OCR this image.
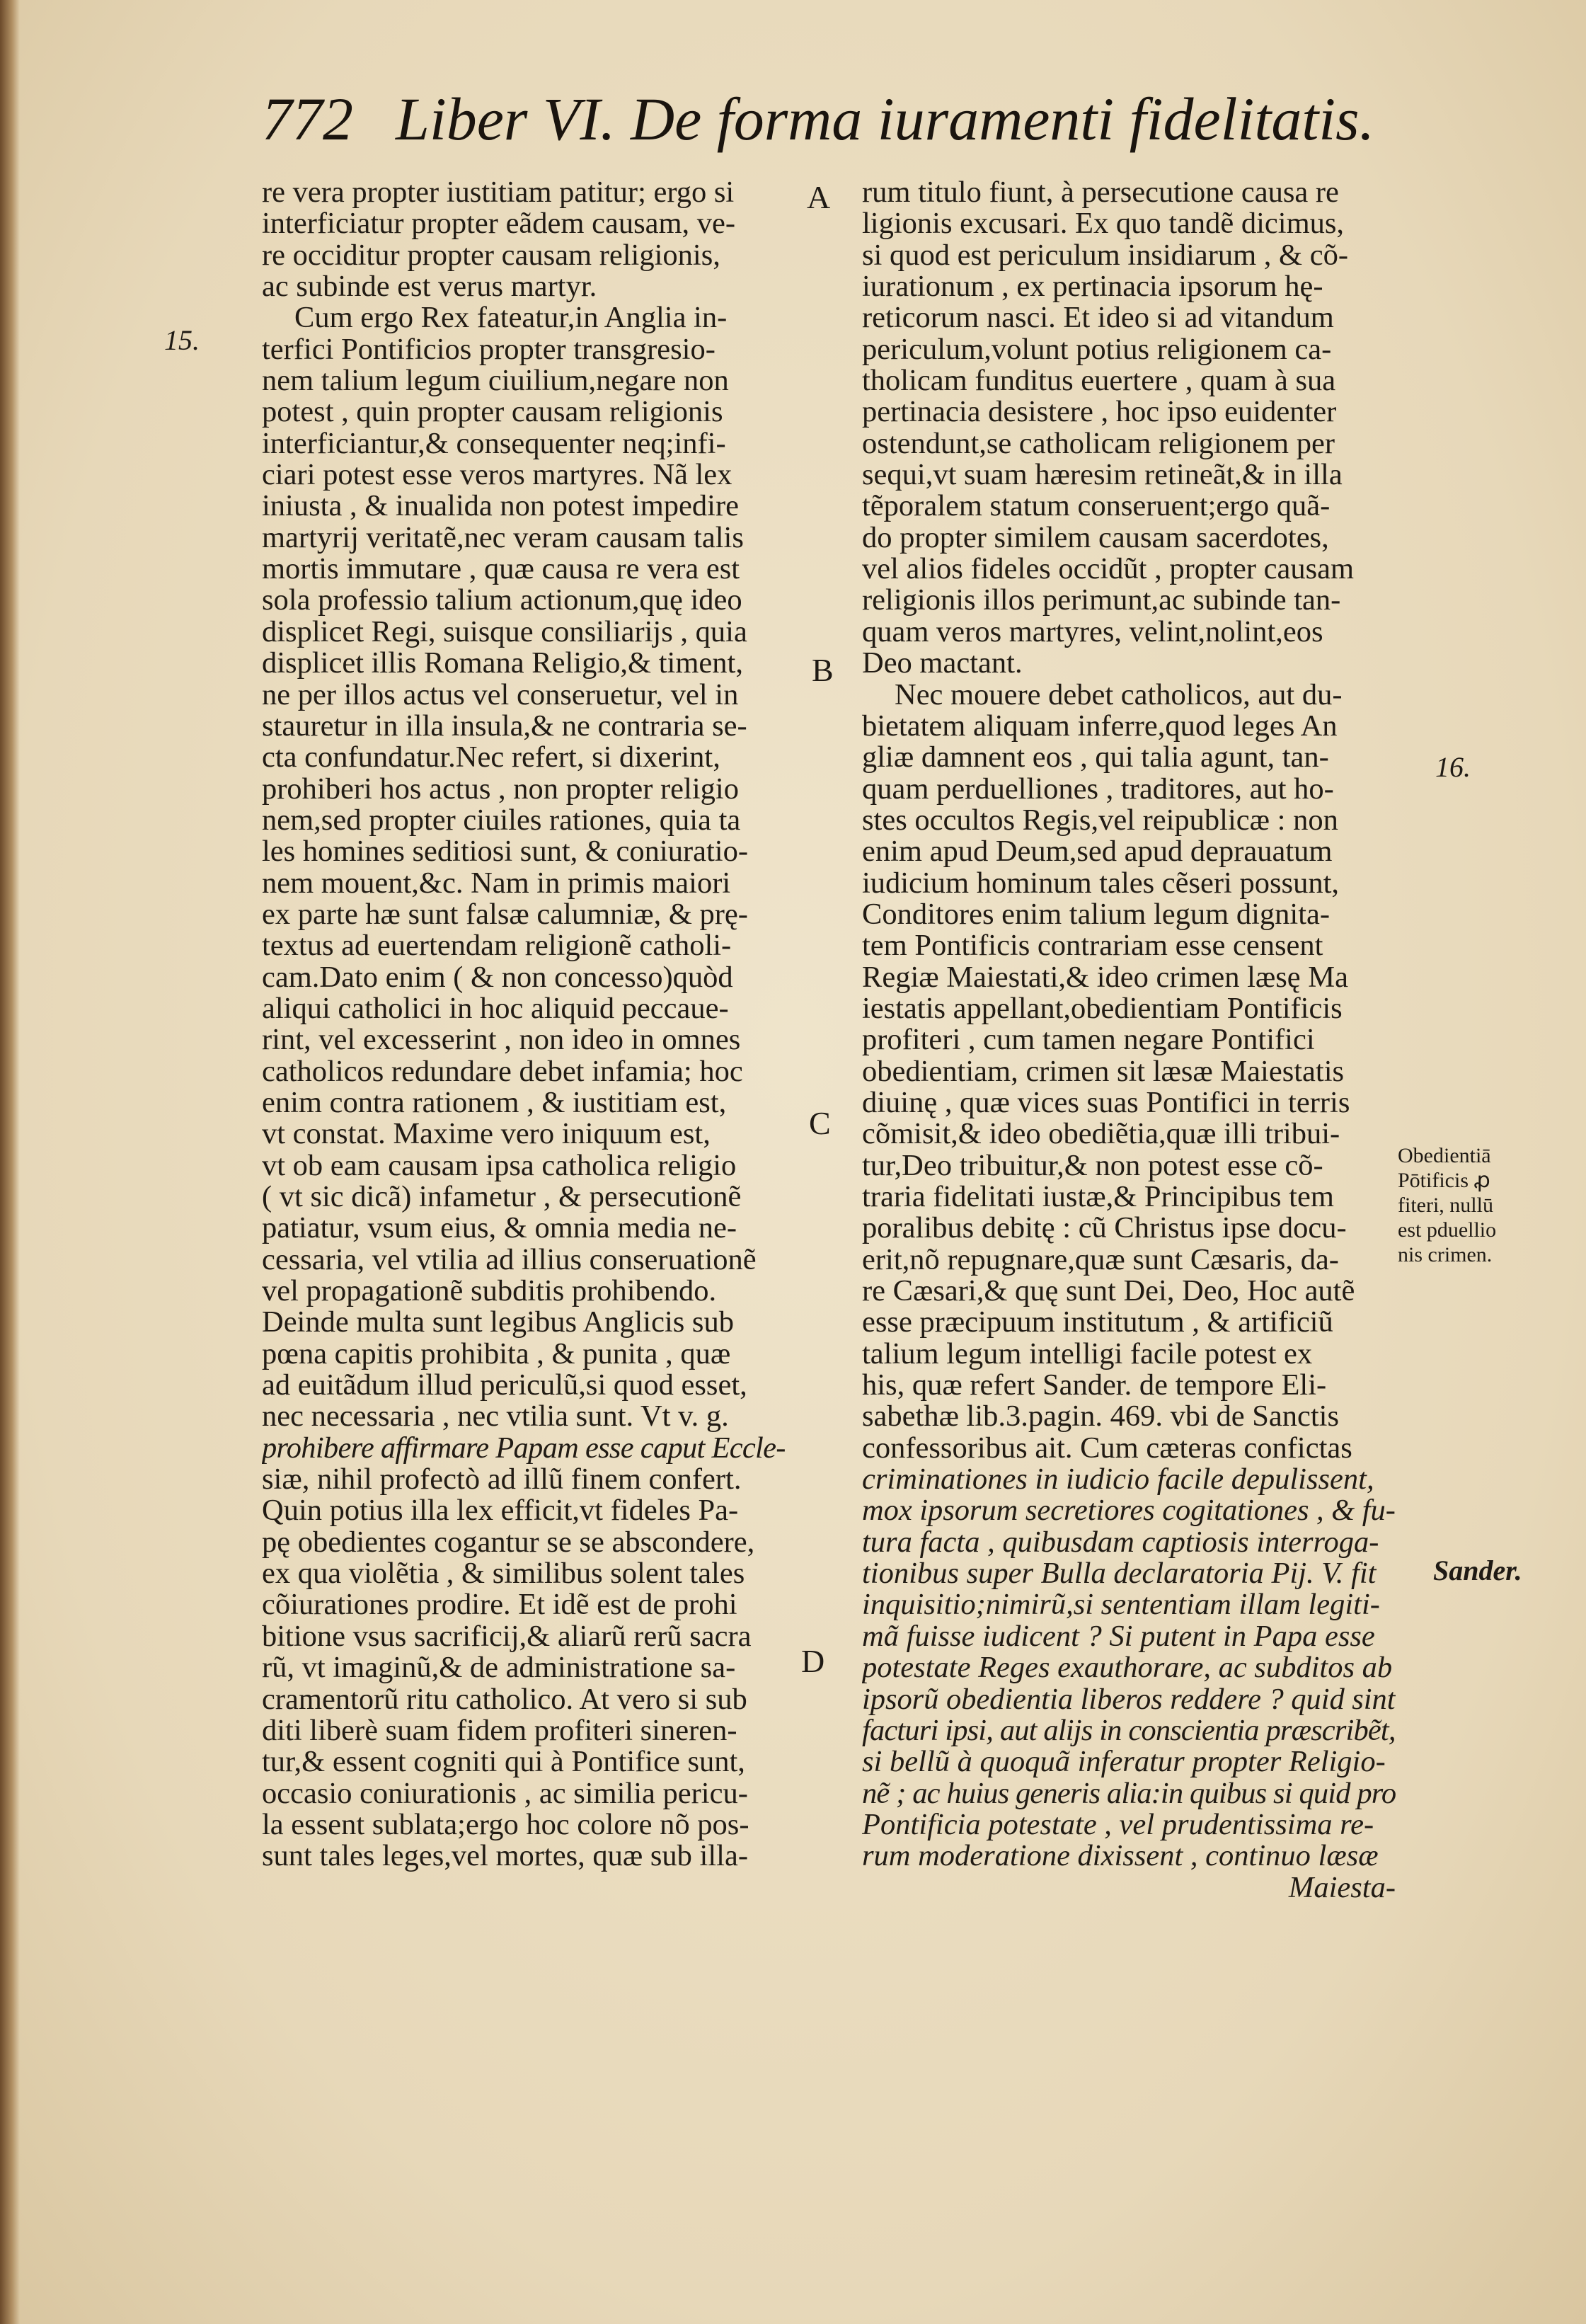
772 Liber VI. De forma iuramenti fidelitatis.
15.
16.
A
B
C
D
Obedientiā
Pōtificis ꝓ
fiteri, nullū
est pduellio
nis crimen.
Sander.
re vera propter iustitiam patitur; ergo si
interficiatur propter eãdem causam, ve-
re occiditur propter causam religionis,
ac subinde est verus martyr.
Cum ergo Rex fateatur,in Anglia in-
terfici Pontificios propter transgresio-
nem talium legum ciuilium,negare non
potest , quin propter causam religionis
interficiantur,& consequenter neq;infi-
ciari potest esse veros martyres. Nã lex
iniusta , & inualida non potest impedire
martyrij veritatẽ,nec veram causam talis
mortis immutare , quæ causa re vera est
sola professio talium actionum,quę ideo
displicet Regi, suisque consiliarijs , quia
displicet illis Romana Religio,& timent,
ne per illos actus vel conseruetur, vel in
stauretur in illa insula,& ne contraria se-
cta confundatur.Nec refert, si dixerint,
prohiberi hos actus , non propter religio
nem,sed propter ciuiles rationes, quia ta
les homines seditiosi sunt, & coniuratio-
nem mouent,&c. Nam in primis maiori
ex parte hæ sunt falsæ calumniæ, & prę-
textus ad euertendam religionẽ catholi-
cam.Dato enim ( & non concesso)quòd
aliqui catholici in hoc aliquid peccaue-
rint, vel excesserint , non ideo in omnes
catholicos redundare debet infamia; hoc
enim contra rationem , & iustitiam est,
vt constat. Maxime vero iniquum est,
vt ob eam causam ipsa catholica religio
( vt sic dicã) infametur , & persecutionẽ
patiatur, vsum eius, & omnia media ne-
cessaria, vel vtilia ad illius conseruationẽ
vel propagationẽ subditis prohibendo.
Deinde multa sunt legibus Anglicis sub
pœna capitis prohibita , & punita , quæ
ad euitãdum illud periculũ,si quod esset,
nec necessaria , nec vtilia sunt. Vt v. g.
prohibere affirmare Papam esse caput Eccle-
siæ, nihil profectò ad illũ finem confert.
Quin potius illa lex efficit,vt fideles Pa-
pę obedientes cogantur se se abscondere,
ex qua violẽtia , & similibus solent tales
cõiurationes prodire. Et idẽ est de prohi
bitione vsus sacrificij,& aliarũ rerũ sacra
rũ, vt imaginũ,& de administratione sa-
cramentorũ ritu catholico. At vero si sub
diti liberè suam fidem profiteri sineren-
tur,& essent cogniti qui à Pontifice sunt,
occasio coniurationis , ac similia pericu-
la essent sublata;ergo hoc colore nõ pos-
sunt tales leges,vel mortes, quæ sub illa-
rum titulo fiunt, à persecutione causa re
ligionis excusari. Ex quo tandẽ dicimus,
si quod est periculum insidiarum , & cõ-
iurationum , ex pertinacia ipsorum hę-
reticorum nasci. Et ideo si ad vitandum
periculum,volunt potius religionem ca-
tholicam funditus euertere , quam à sua
pertinacia desistere , hoc ipso euidenter
ostendunt,se catholicam religionem per
sequi,vt suam hæresim retineãt,& in illa
tẽporalem statum conseruent;ergo quã-
do propter similem causam sacerdotes,
vel alios fideles occidũt , propter causam
religionis illos perimunt,ac subinde tan-
quam veros martyres, velint,nolint,eos
Deo mactant.
Nec mouere debet catholicos, aut du-
bietatem aliquam inferre,quod leges An
gliæ damnent eos , qui talia agunt, tan-
quam perduelliones , traditores, aut ho-
stes occultos Regis,vel reipublicæ : non
enim apud Deum,sed apud deprauatum
iudicium hominum tales cẽseri possunt,
Conditores enim talium legum dignita-
tem Pontificis contrariam esse censent
Regiæ Maiestati,& ideo crimen læsę Ma
iestatis appellant,obedientiam Pontificis
profiteri , cum tamen negare Pontifici
obedientiam, crimen sit læsæ Maiestatis
diuinę , quæ vices suas Pontifici in terris
cõmisit,& ideo obediẽtia,quæ illi tribui-
tur,Deo tribuitur,& non potest esse cõ-
traria fidelitati iustæ,& Principibus tem
poralibus debitę : cũ Christus ipse docu-
erit,nõ repugnare,quæ sunt Cæsaris, da-
re Cæsari,& quę sunt Dei, Deo, Hoc autẽ
esse præcipuum institutum , & artificiũ
talium legum intelligi facile potest ex
his, quæ refert Sander. de tempore Eli-
sabethæ lib.3.pagin. 469. vbi de Sanctis
confessoribus ait. Cum cæteras confictas
criminationes in iudicio facile depulissent,
mox ipsorum secretiores cogitationes , & fu-
tura facta , quibusdam captiosis interroga-
tionibus super Bulla declaratoria Pij. V. fit
inquisitio;nimirũ,si sententiam illam legiti-
mã fuisse iudicent ? Si putent in Papa esse
potestate Reges exauthorare, ac subditos ab
ipsorũ obedientia liberos reddere ? quid sint
facturi ipsi, aut alijs in conscientia præscribẽt,
si bellũ à quoquã inferatur propter Religio-
nẽ ; ac huius generis alia:in quibus si quid pro
Pontificia potestate , vel prudentissima re-
rum moderatione dixissent , continuo læsæ
Maiesta-
